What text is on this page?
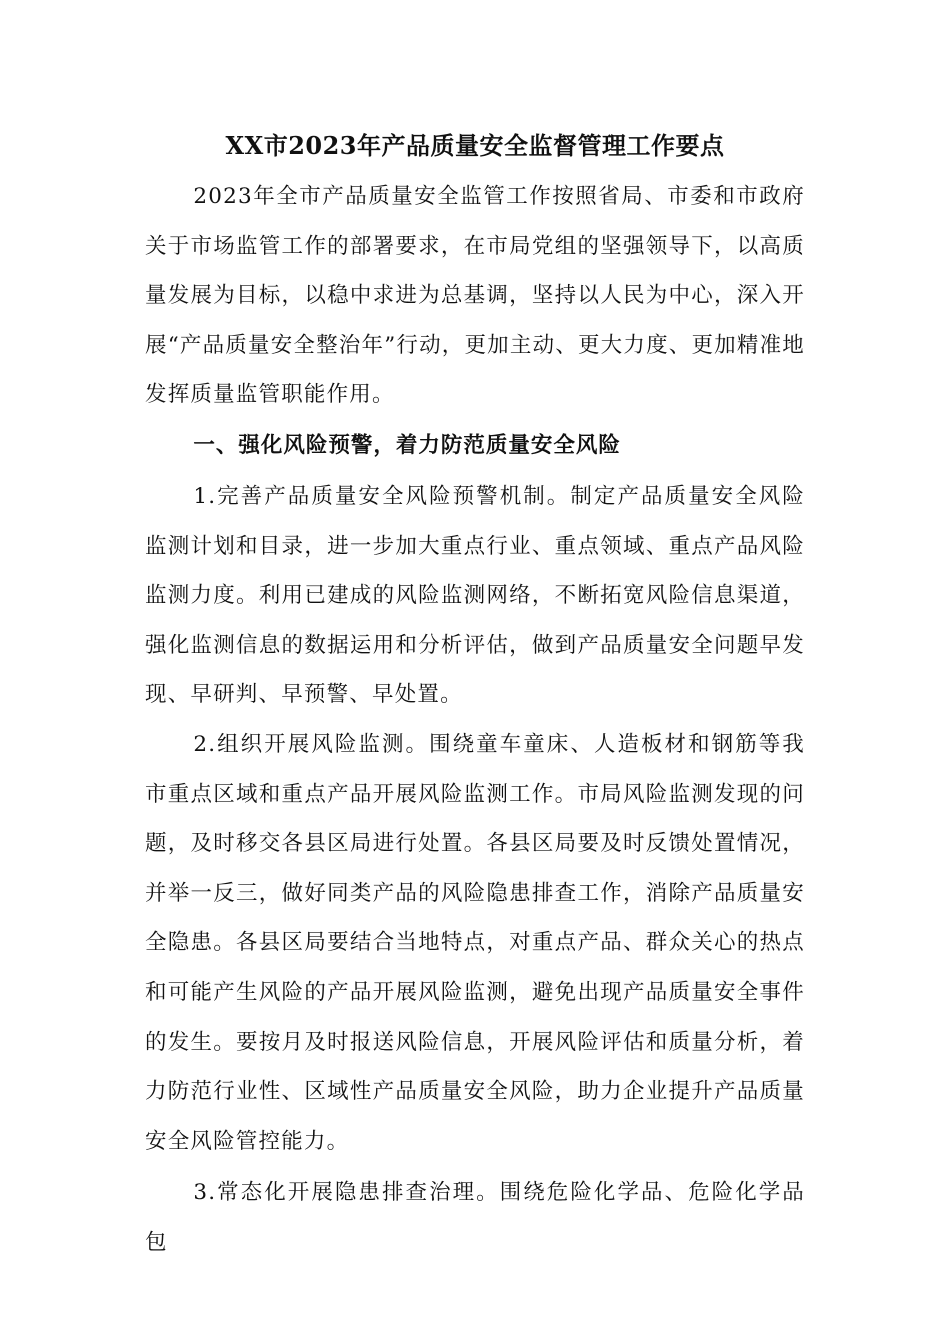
XX市2023年产品质量安全监督管理工作要点
2023年全市产品质量安全监管工作按照省局、市委和市政府关于市场监管工作的部署要求，在市局党组的坚强领导下，以高质量发展为目标，以稳中求进为总基调，坚持以人民为中心，深入开展“产品质量安全整治年”行动，更加主动、更大力度、更加精准地发挥质量监管职能作用。
一、强化风险预警，着力防范质量安全风险
1.完善产品质量安全风险预警机制。制定产品质量安全风险监测计划和目录，进一步加大重点行业、重点领域、重点产品风险监测力度。利用已建成的风险监测网络，不断拓宽风险信息渠道，强化监测信息的数据运用和分析评估，做到产品质量安全问题早发现、早研判、早预警、早处置。
2.组织开展风险监测。围绕童车童床、人造板材和钢筋等我市重点区域和重点产品开展风险监测工作。市局风险监测发现的问题，及时移交各县区局进行处置。各县区局要及时反馈处置情况，并举一反三，做好同类产品的风险隐患排查工作，消除产品质量安全隐患。各县区局要结合当地特点，对重点产品、群众关心的热点和可能产生风险的产品开展风险监测，避免出现产品质量安全事件的发生。要按月及时报送风险信息，开展风险评估和质量分析，着力防范行业性、区域性产品质量安全风险，助力企业提升产品质量安全风险管控能力。
3.常态化开展隐患排查治理。围绕危险化学品、危险化学品包
